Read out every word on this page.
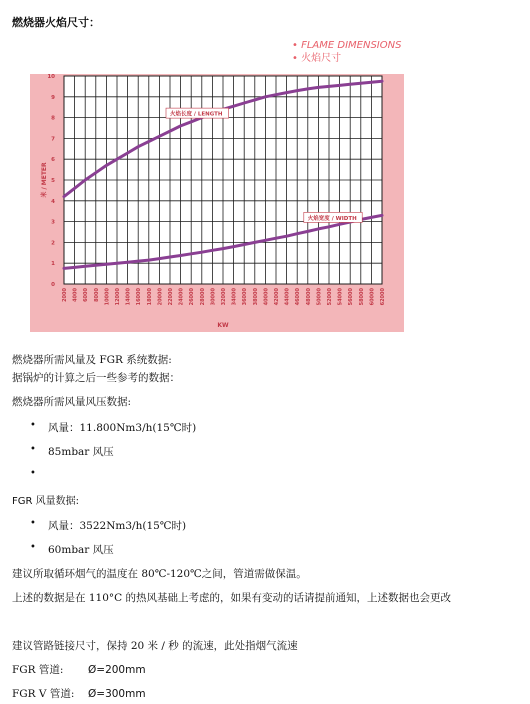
燃烧器火焰尺寸：
• FLAME DIMENSIONS
• 火焰尺寸
2000 4000 6000 8000 10000 12000 14000 16000 18000 20000 22000 24000 26000 28000 30000 32000 34000 36000 38000 40000 42000 44000 46000 48000 50000 52000 54000 56000 58000 60000 62000
0
1
2
3
4
5
6
7
8
9
10
米 / METER
KW
火焰长度 / LENGTH
火焰宽度 / WIDTH
燃烧器所需风量及 FGR 系统数据:
据锅炉的计算之后一些参考的数据：
燃烧器所需风量风压数据:
• 风量：11.800Nm3/h(15℃时)
• 85mbar 风压
•
FGR 风量数据:
• 风量：3522Nm3/h(15℃时)
• 60mbar 风压
建议所取循环烟气的温度在 80℃-120℃之间，管道需做保温。
上述的数据是在 110°C 的热风基础上考虑的，如果有变动的话请提前通知，上述数据也会更改
建议管路链接尺寸，保持 20 米 / 秒 的流速，此处指烟气流速
FGR 管道: Ø=200mm
FGR V 管道: Ø=300mm
